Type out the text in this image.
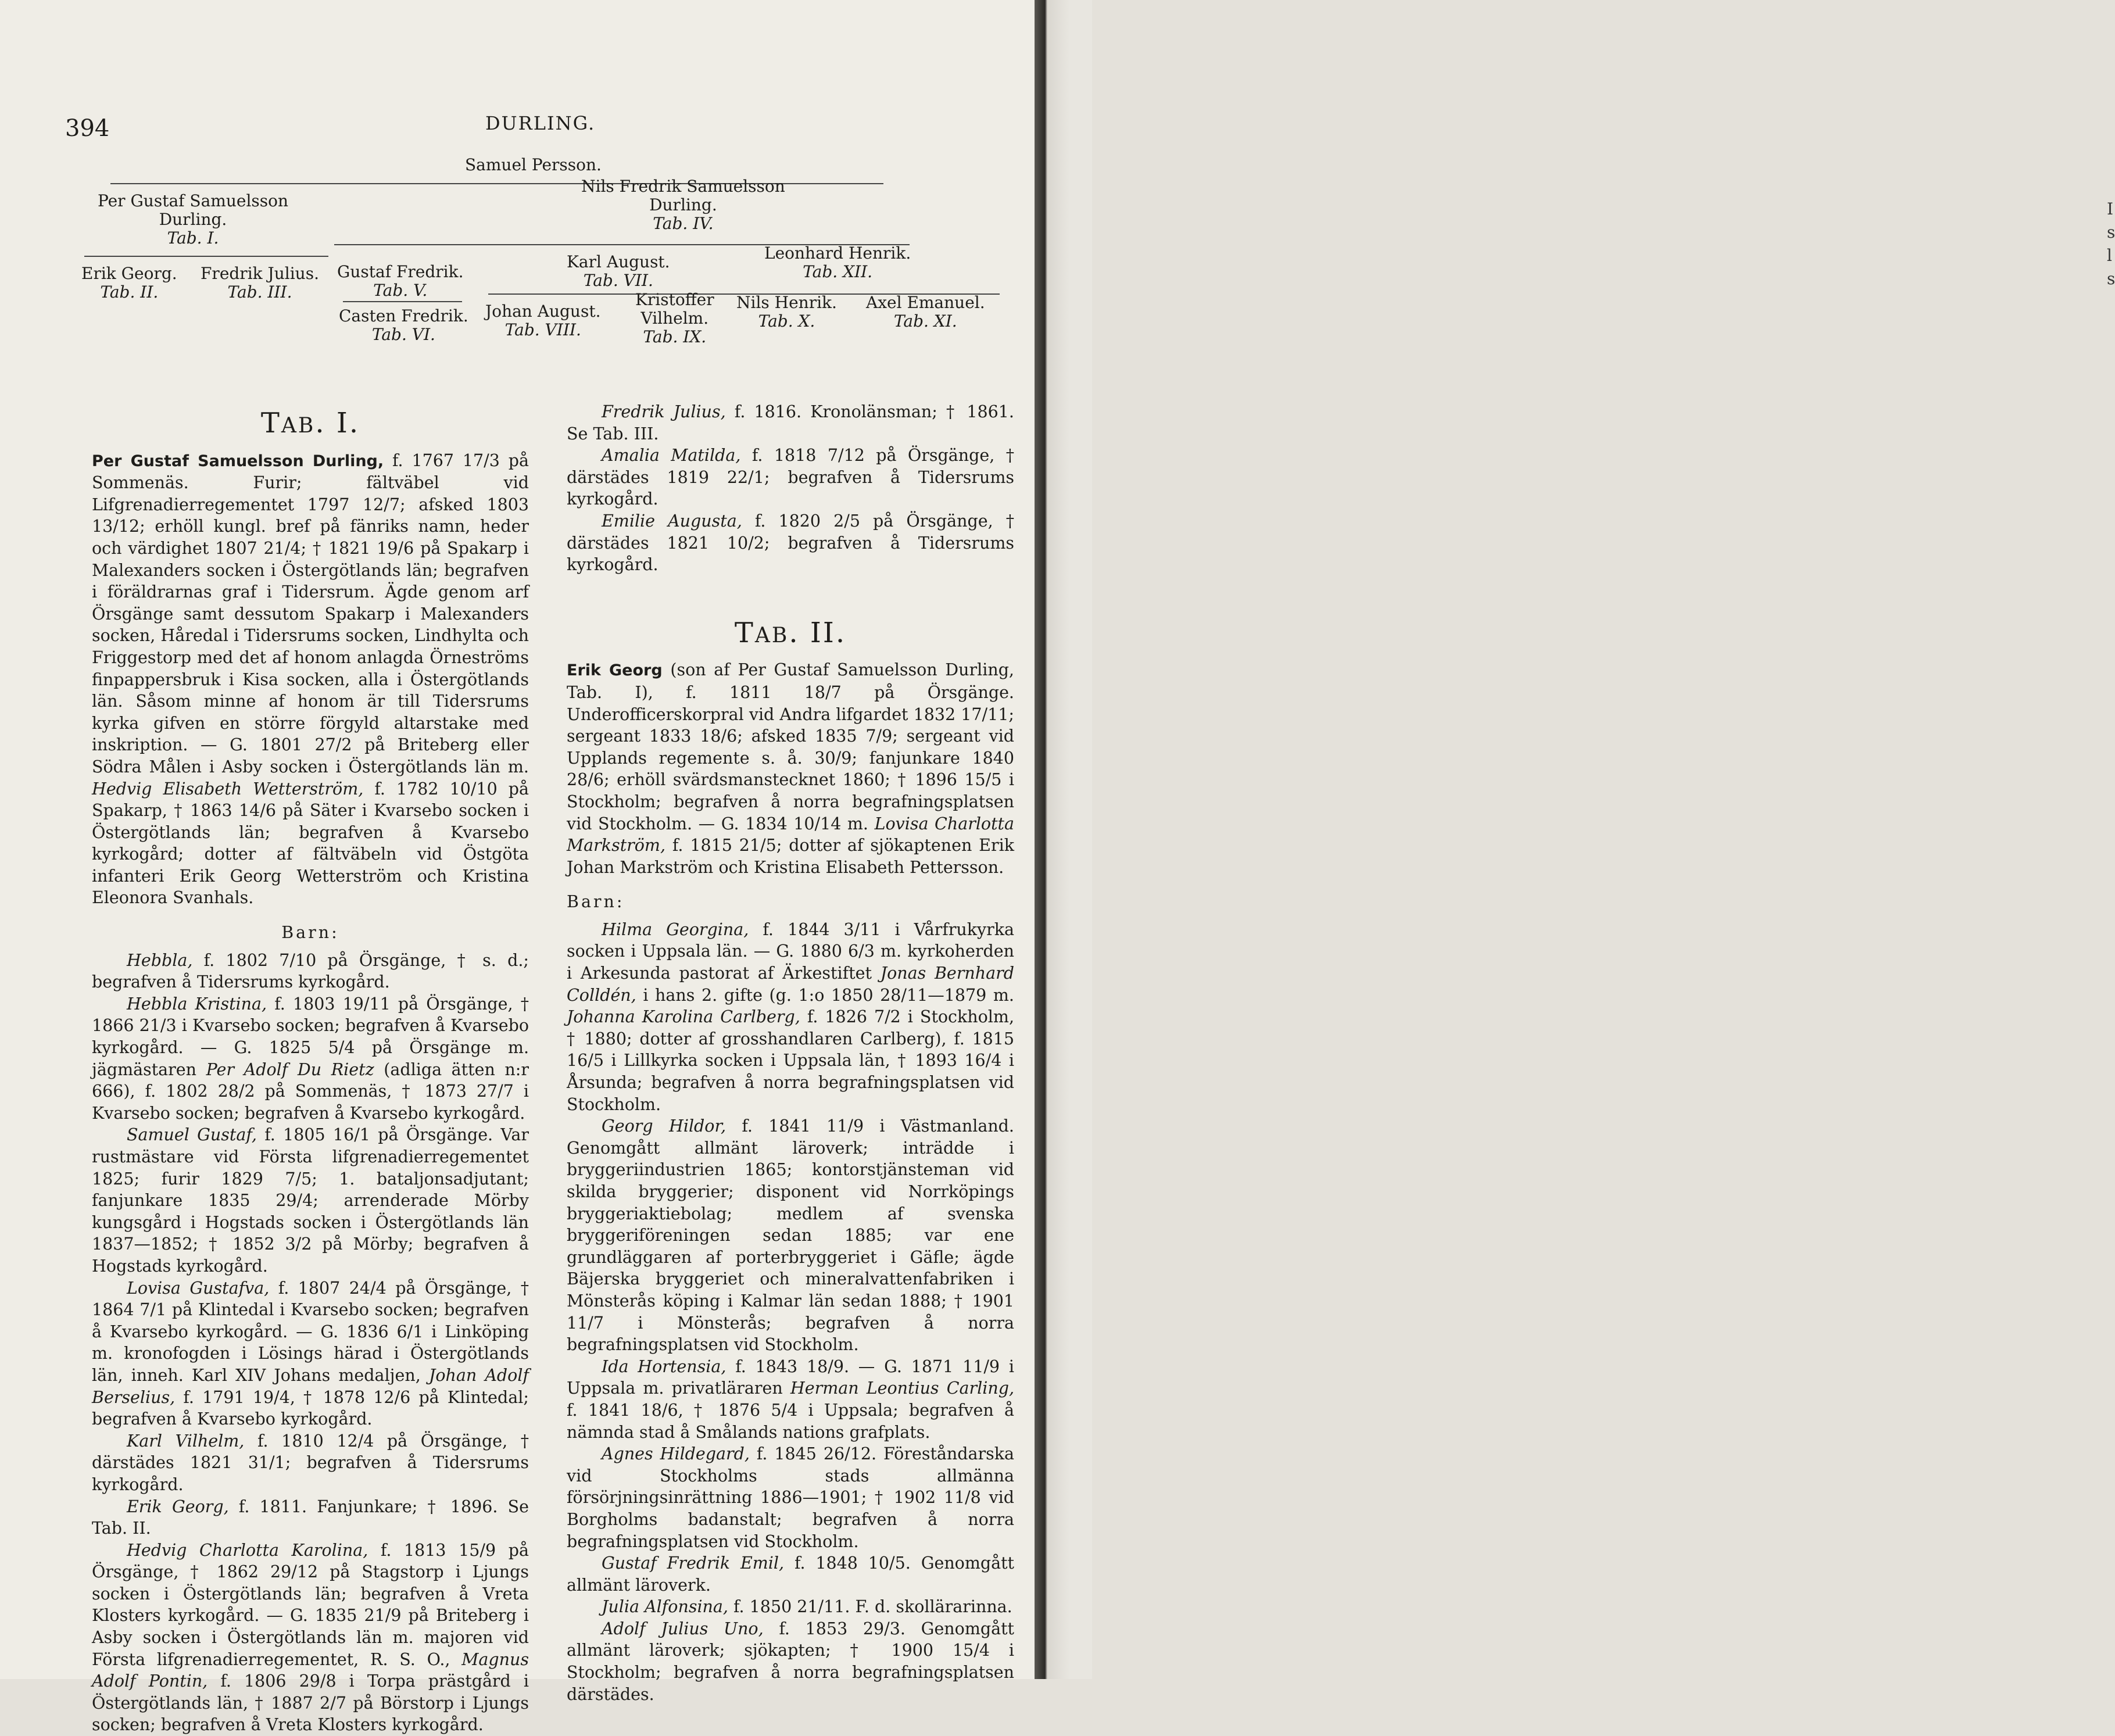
394	DURLING.
Samuel Persson.
Per Gustaf Samuelsson
Durling.
Tab. I.
Nils Fredrik Samuelsson
Durling.
Tab. IV.
Erik Georg.
Tab. II.
Fredrik Julius.
Tab. III.
Gustaf Fredrik.
Tab. V.
Karl August.
Tab. VII.
Leonhard Henrik.
Tab. XII.
Casten Fredrik.
Tab. VI.
Johan August.
Tab. VIII.
Kristoffer
Vilhelm.
Tab. IX.
Nils Henrik.
Tab. X.
Axel Emanuel.
Tab. XI.
TAB. I.

Per Gustaf Samuelsson Durling, f. 1767 17/3 på Sommenäs. Furir; fältväbel vid Lifgrenadierregementet 1797 12/7; afsked 1803 13/12; erhöll kungl. bref på fänriks namn, heder och värdighet 1807 21/4; † 1821 19/6 på Spakarp i Malexanders socken i Östergötlands län; begrafven i föräldrarnas graf i Tidersrum. Ägde genom arf Örsgänge samt dessutom Spakarp i Malexanders socken, Håredal i Tidersrums socken, Lindhylta och Friggestorp med det af honom anlagda Örneströms finpappersbruk i Kisa socken, alla i Östergötlands län. Såsom minne af honom är till Tidersrums kyrka gifven en större förgyld altarstake med inskription. — G. 1801 27/2 på Briteberg eller Södra Målen i Asby socken i Östergötlands län m. Hedvig Elisabeth Wetterström, f. 1782 10/10 på Spakarp, † 1863 14/6 på Säter i Kvarsebo socken i Östergötlands län; begrafven å Kvarsebo kyrkogård; dotter af fältväbeln vid Östgöta infanteri Erik Georg Wetterström och Kristina Eleonora Svanhals.

Barn:

Hebbla, f. 1802 7/10 på Örsgänge, † s. d.; begrafven å Tidersrums kyrkogård.

Hebbla Kristina, f. 1803 19/11 på Örsgänge, † 1866 21/3 i Kvarsebo socken; begrafven å Kvarsebo kyrkogård. — G. 1825 5/4 på Örsgänge m. jägmästaren Per Adolf Du Rietz (adliga ätten n:r 666), f. 1802 28/2 på Sommenäs, † 1873 27/7 i Kvarsebo socken; begrafven å Kvarsebo kyrkogård.

Samuel Gustaf, f. 1805 16/1 på Örsgänge. Var rustmästare vid Första lifgrenadierregementet 1825; furir 1829 7/5; 1. bataljonsadjutant; fanjunkare 1835 29/4; arrenderade Mörby kungsgård i Hogstads socken i Östergötlands län 1837—1852; † 1852 3/2 på Mörby; begrafven å Hogstads kyrkogård.

Lovisa Gustafva, f. 1807 24/4 på Örsgänge, † 1864 7/1 på Klintedal i Kvarsebo socken; begrafven å Kvarsebo kyrkogård. — G. 1836 6/1 i Linköping m. kronofogden i Lösings härad i Östergötlands län, inneh. Karl XIV Johans medaljen, Johan Adolf Berselius, f. 1791 19/4, † 1878 12/6 på Klintedal; begrafven å Kvarsebo kyrkogård.

Karl Vilhelm, f. 1810 12/4 på Örsgänge, † därstädes 1821 31/1; begrafven å Tidersrums kyrkogård.

Erik Georg, f. 1811. Fanjunkare; † 1896. Se Tab. II.

Hedvig Charlotta Karolina, f. 1813 15/9 på Örsgänge, † 1862 29/12 på Stagstorp i Ljungs socken i Östergötlands län; begrafven å Vreta Klosters kyrkogård. — G. 1835 21/9 på Briteberg i Asby socken i Östergötlands län m. majoren vid Första lifgrenadierregementet, R. S. O., Magnus Adolf Pontin, f. 1806 29/8 i Torpa prästgård i Östergötlands län, † 1887 2/7 på Börstorp i Ljungs socken; begrafven å Vreta Klosters kyrkogård.

Fredrik Julius, f. 1816. Kronolänsman; † 1861. Se Tab. III.

Amalia Matilda, f. 1818 7/12 på Örsgänge, † därstädes 1819 22/1; begrafven å Tidersrums kyrkogård.

Emilie Augusta, f. 1820 2/5 på Örsgänge, † därstädes 1821 10/2; begrafven å Tidersrums kyrkogård.

TAB. II.

Erik Georg (son af Per Gustaf Samuelsson Durling, Tab. I), f. 1811 18/7 på Örsgänge. Underofficerskorpral vid Andra lifgardet 1832 17/11; sergeant 1833 18/6; afsked 1835 7/9; sergeant vid Upplands regemente s. å. 30/9; fanjunkare 1840 28/6; erhöll svärdsmanstecknet 1860; † 1896 15/5 i Stockholm; begrafven å norra begrafningsplatsen vid Stockholm. — G. 1834 10/14 m. Lovisa Charlotta Markström, f. 1815 21/5; dotter af sjökaptenen Erik Johan Markström och Kristina Elisabeth Pettersson.

Barn:

Hilma Georgina, f. 1844 3/11 i Vårfrukyrka socken i Uppsala län. — G. 1880 6/3 m. kyrkoherden i Arkesunda pastorat af Ärkestiftet Jonas Bernhard Colldén, i hans 2. gifte (g. 1:o 1850 28/11—1879 m. Johanna Karolina Carlberg, f. 1826 7/2 i Stockholm, † 1880; dotter af grosshandlaren Carlberg), f. 1815 16/5 i Lillkyrka socken i Uppsala län, † 1893 16/4 i Årsunda; begrafven å norra begrafningsplatsen vid Stockholm.

Georg Hildor, f. 1841 11/9 i Västmanland. Genomgått allmänt läroverk; inträdde i bryggeriindustrien 1865; kontorstjänsteman vid skilda bryggerier; disponent vid Norrköpings bryggeriaktiebolag; medlem af svenska bryggeriföreningen sedan 1885; var ene grundläggaren af porterbryggeriet i Gäfle; ägde Bäjerska bryggeriet och mineralvattenfabriken i Mönsterås köping i Kalmar län sedan 1888; † 1901 11/7 i Mönsterås; begrafven å norra begrafningsplatsen vid Stockholm.

Ida Hortensia, f. 1843 18/9. — G. 1871 11/9 i Uppsala m. privatläraren Herman Leontius Carling, f. 1841 18/6, † 1876 5/4 i Uppsala; begrafven å nämnda stad å Smålands nations grafplats.

Agnes Hildegard, f. 1845 26/12. Föreståndarska vid Stockholms stads allmänna försörjningsinrättning 1886—1901; † 1902 11/8 vid Borgholms badanstalt; begrafven å norra begrafningsplatsen vid Stockholm.

Gustaf Fredrik Emil, f. 1848 10/5. Genomgått allmänt läroverk.

Julia Alfonsina, f. 1850 21/11. F. d. skollärarinna.

Adolf Julius Uno, f. 1853 29/3. Genomgått allmänt läroverk; sjökapten; † 1900 15/4 i Stockholm; begrafven å norra begrafningsplatsen därstädes.

I
s
l
s
